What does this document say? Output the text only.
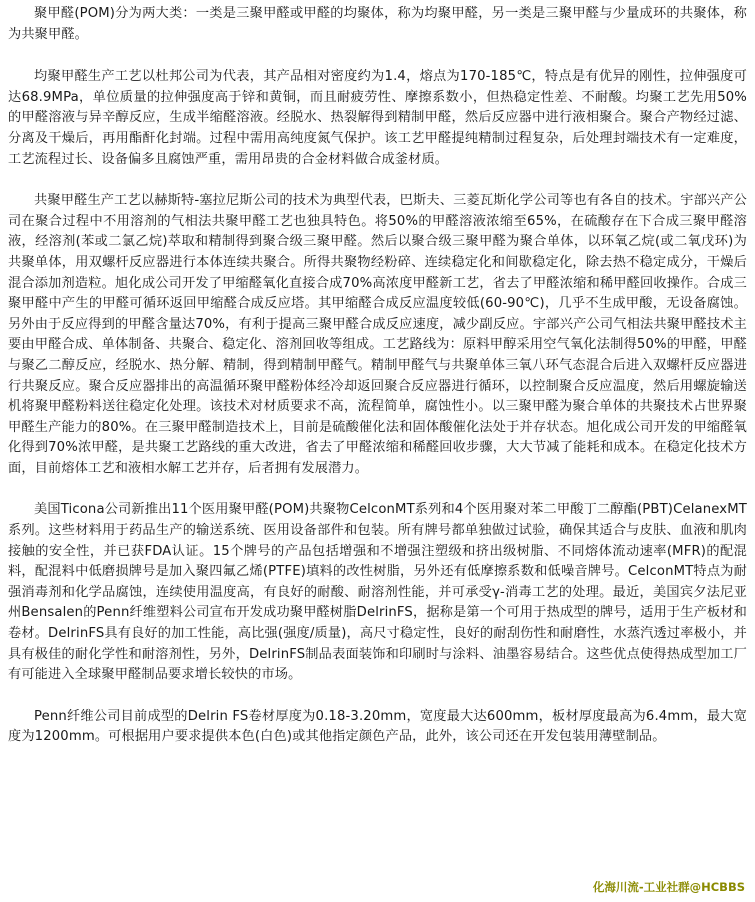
聚甲醛(POM)分为两大类：一类是三聚甲醛或甲醛的均聚体，称为均聚甲醛，另一类是三聚甲醛与少量成环的共聚体，称为共聚甲醛。

均聚甲醛生产工艺以杜邦公司为代表，其产品相对密度约为1.4，熔点为170-185℃，特点是有优异的刚性，拉伸强度可达68.9MPa，单位质量的拉伸强度高于锌和黄铜，而且耐疲劳性、摩擦系数小，但热稳定性差、不耐酸。均聚工艺先用50%的甲醛溶液与异辛醇反应，生成半缩醛溶液。经脱水、热裂解得到精制甲醛，然后反应器中进行液相聚合。聚合产物经过滤、分离及干燥后，再用酯酐化封端。过程中需用高纯度氮气保护。该工艺甲醛提纯精制过程复杂，后处理封端技术有一定难度，工艺流程过长、设备偏多且腐蚀严重，需用昂贵的合金材料做合成釜材质。

共聚甲醛生产工艺以赫斯特-塞拉尼斯公司的技术为典型代表，巴斯夫、三菱瓦斯化学公司等也有各自的技术。宇部兴产公司在聚合过程中不用溶剂的气相法共聚甲醛工艺也独具特色。将50%的甲醛溶液浓缩至65%，在硫酸存在下合成三聚甲醛溶液，经溶剂(苯或二氯乙烷)萃取和精制得到聚合级三聚甲醛。然后以聚合级三聚甲醛为聚合单体，以环氧乙烷(或二氧戊环)为共聚单体，用双螺杆反应器进行本体连续共聚合。所得共聚物经粉碎、连续稳定化和间歇稳定化，除去热不稳定成分，干燥后混合添加剂造粒。旭化成公司开发了甲缩醛氧化直接合成70%高浓度甲醛新工艺，省去了甲醛浓缩和稀甲醛回收操作。合成三聚甲醛中产生的甲醛可循环返回甲缩醛合成反应塔。其甲缩醛合成反应温度较低(60-90℃)，几乎不生成甲酸，无设备腐蚀。另外由于反应得到的甲醛含量达70%，有利于提高三聚甲醛合成反应速度，减少副反应。宇部兴产公司气相法共聚甲醛技术主要由甲醛合成、单体制备、共聚合、稳定化、溶剂回收等组成。工艺路线为：原料甲醇采用空气氧化法制得50%的甲醛，甲醛与聚乙二醇反应，经脱水、热分解、精制，得到精制甲醛气。精制甲醛气与共聚单体三氧八环气态混合后进入双螺杆反应器进行共聚反应。聚合反应器排出的高温循环聚甲醛粉体经冷却返回聚合反应器进行循环，以控制聚合反应温度，然后用螺旋输送机将聚甲醛粉料送往稳定化处理。该技术对材质要求不高，流程简单，腐蚀性小。以三聚甲醛为聚合单体的共聚技术占世界聚甲醛生产能力的80%。在三聚甲醛制造技术上，目前是硫酸催化法和固体酸催化法处于并存状态。旭化成公司开发的甲缩醛氧化得到70%浓甲醛，是共聚工艺路线的重大改进，省去了甲醛浓缩和稀醛回收步骤，大大节减了能耗和成本。在稳定化技术方面，目前熔体工艺和液相水解工艺并存，后者拥有发展潜力。

美国Ticona公司新推出11个医用聚甲醛(POM)共聚物CelconMT系列和4个医用聚对苯二甲酸丁二醇酯(PBT)CelanexMT系列。这些材料用于药品生产的输送系统、医用设备部件和包装。所有牌号都单独做过试验，确保其适合与皮肤、血液和肌肉接触的安全性，并已获FDA认证。15个牌号的产品包括增强和不增强注塑级和挤出级树脂、不同熔体流动速率(MFR)的配混料，配混料中低磨损牌号是加入聚四氟乙烯(PTFE)填料的改性树脂，另外还有低摩擦系数和低噪音牌号。CelconMT特点为耐强消毒剂和化学品腐蚀，连续使用温度高，有良好的耐酸、耐溶剂性能，并可承受γ-消毒工艺的处理。最近，美国宾夕法尼亚州Bensalen的Penn纤维塑料公司宣布开发成功聚甲醛树脂DelrinFS，据称是第一个可用于热成型的牌号，适用于生产板材和卷材。DelrinFS具有良好的加工性能，高比强(强度/质量)，高尺寸稳定性，良好的耐刮伤性和耐磨性，水蒸汽透过率极小，并具有极佳的耐化学性和耐溶剂性，另外，DelrinFS制品表面装饰和印刷时与涂料、油墨容易结合。这些优点使得热成型加工厂有可能进入全球聚甲醛制品要求增长较快的市场。

Penn纤维公司目前成型的Delrin FS卷材厚度为0.18-3.20mm，宽度最大达600mm，板材厚度最高为6.4mm，最大宽度为1200mm。可根据用户要求提供本色(白色)或其他指定颜色产品，此外，该公司还在开发包装用薄壁制品。

化海川流-工业社群@HCBBS
